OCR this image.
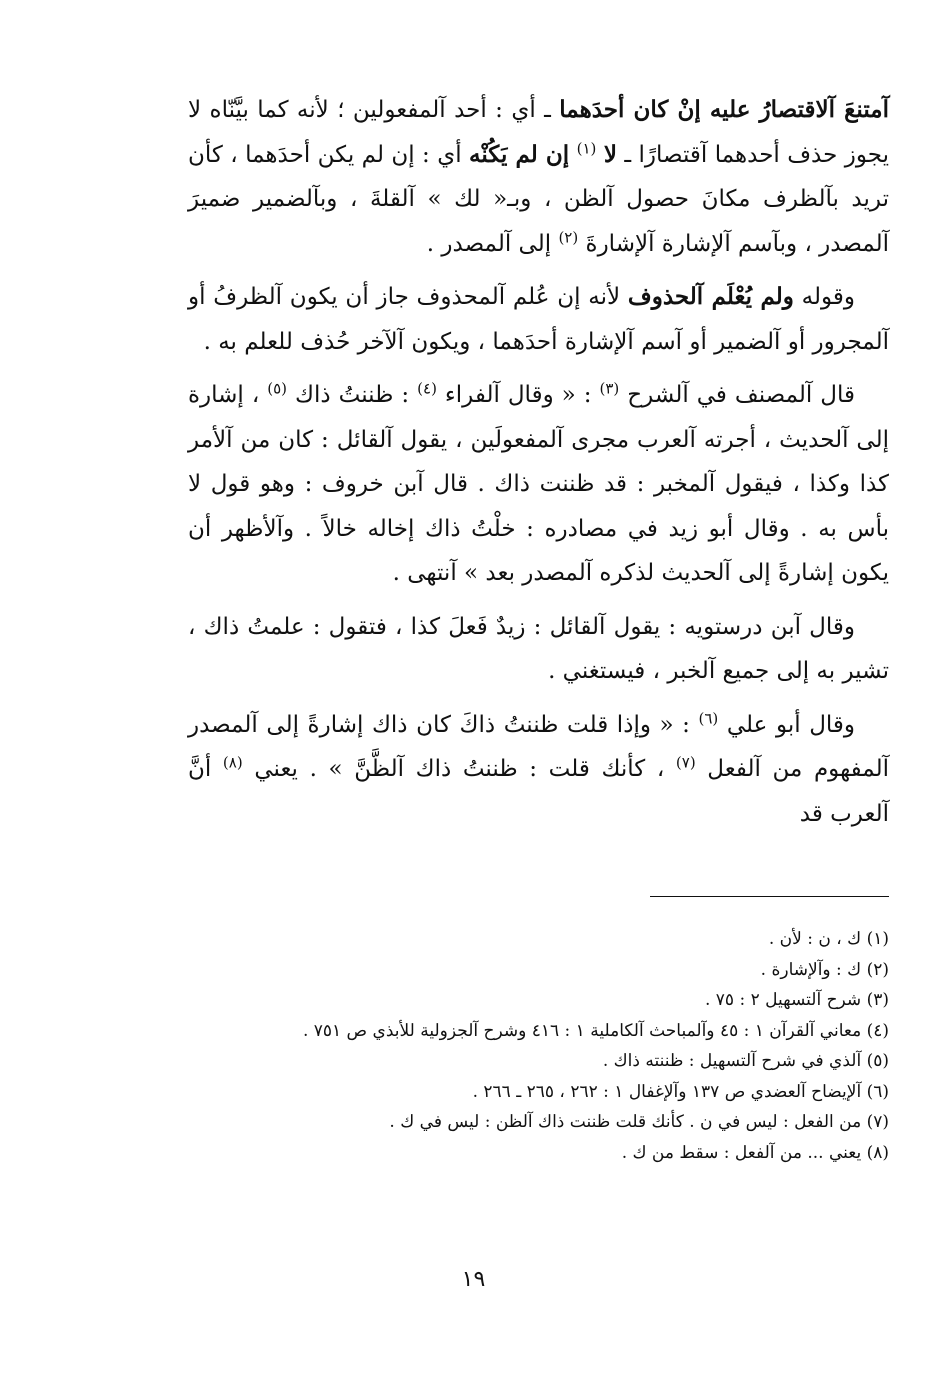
آمتنعَ آلاقتصارُ عليه إنْ كان أحدَهما ـ أي : أحد آلمفعولين ؛ لأنه كما بيَّنّاه لا يجوز حذف أحدهما آقتصارًا ـ لا $^{(١)}$ إن لم يَكُنْه أي : إن لم يكن أحدَهما ، كأن تريد بآلظرف مكانَ حصول آلظن ، وبـ« لك » آلقلةَ ، وبآلضمير ضميرَ آلمصدر ، وبآسم آلإشارة آلإشارةَ $^{(٢)}$ إلى آلمصدر .

وقوله ولم يُعْلَم آلحذوف لأنه إن عُلم آلمحذوف جاز أن يكون آلظرفُ أو آلمجرور أو آلضمير أو آسم آلإشارة أحدَهما ، ويكون آلآخر حُذف للعلم به .

قال آلمصنف في آلشرح $^{(٣)}$ : « وقال آلفراء $^{(٤)}$ : ظننتُ ذاك $^{(٥)}$ ، إشارة إلى آلحديث ، أجرته آلعرب مجرى آلمفعولَين ، يقول آلقائل : كان من آلأمر كذا وكذا ، فيقول آلمخبر : قد ظننت ذاك . قال آبن خروف : وهو قول لا بأس به . وقال أبو زيد في مصادره : خلْتُ ذاك إخاله خالاً . وآلأظهر أن يكون إشارةً إلى آلحديث لذكره آلمصدر بعد » آنتهى .

وقال آبن درستويه : يقول آلقائل : زيدٌ فَعلَ كذا ، فتقول : علمتُ ذاك ، تشير به إلى جميع آلخبر ، فيستغني .

وقال أبو علي $^{(٦)}$ : « وإذا قلت ظننتُ ذاكَ كان ذاك إشارةً إلى آلمصدر آلمفهوم من آلفعل $^{(٧)}$ ، كأنك قلت : ظننتُ ذاك آلظَّنَّ » . يعني $^{(٨)}$ أنَّ آلعرب قد

(١) ك ، ن : لأن .

(٢) ك : وآلإشارة .

(٣) شرح آلتسهيل ٢ : ٧٥ .

(٤) معاني آلقرآن ١ : ٤٥ وآلمباحث آلكاملية ١ : ٤١٦ وشرح آلجزولية للأبذي ص ٧٥١ .

(٥) آلذي في شرح آلتسهيل : ظننته ذاك .

(٦) آلإيضاح آلعضدي ص ١٣٧ وآلإغفال ١ : ٢٦٢ ، ٢٦٥ ـ ٢٦٦ .

(٧) من الفعل : ليس في ن . كأنك قلت ظننت ذاك آلظن : ليس في ك .

(٨) يعني ... من آلفعل : سقط من ك .

١٩
